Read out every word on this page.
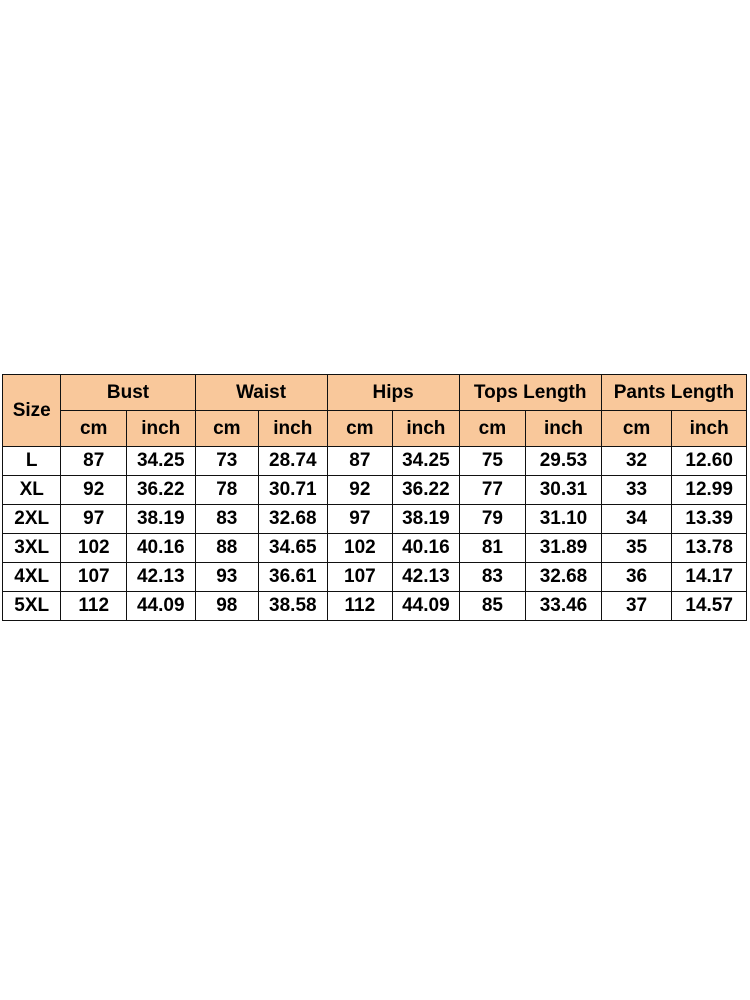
Size	Bust		Waist		Hips		Tops Length		Pants Length	
	cm	inch	cm	inch	cm	inch	cm	inch	cm	inch
L	87	34.25	73	28.74	87	34.25	75	29.53	32	12.60
XL	92	36.22	78	30.71	92	36.22	77	30.31	33	12.99
2XL	97	38.19	83	32.68	97	38.19	79	31.10	34	13.39
3XL	102	40.16	88	34.65	102	40.16	81	31.89	35	13.78
4XL	107	42.13	93	36.61	107	42.13	83	32.68	36	14.17
5XL	112	44.09	98	38.58	112	44.09	85	33.46	37	14.57
